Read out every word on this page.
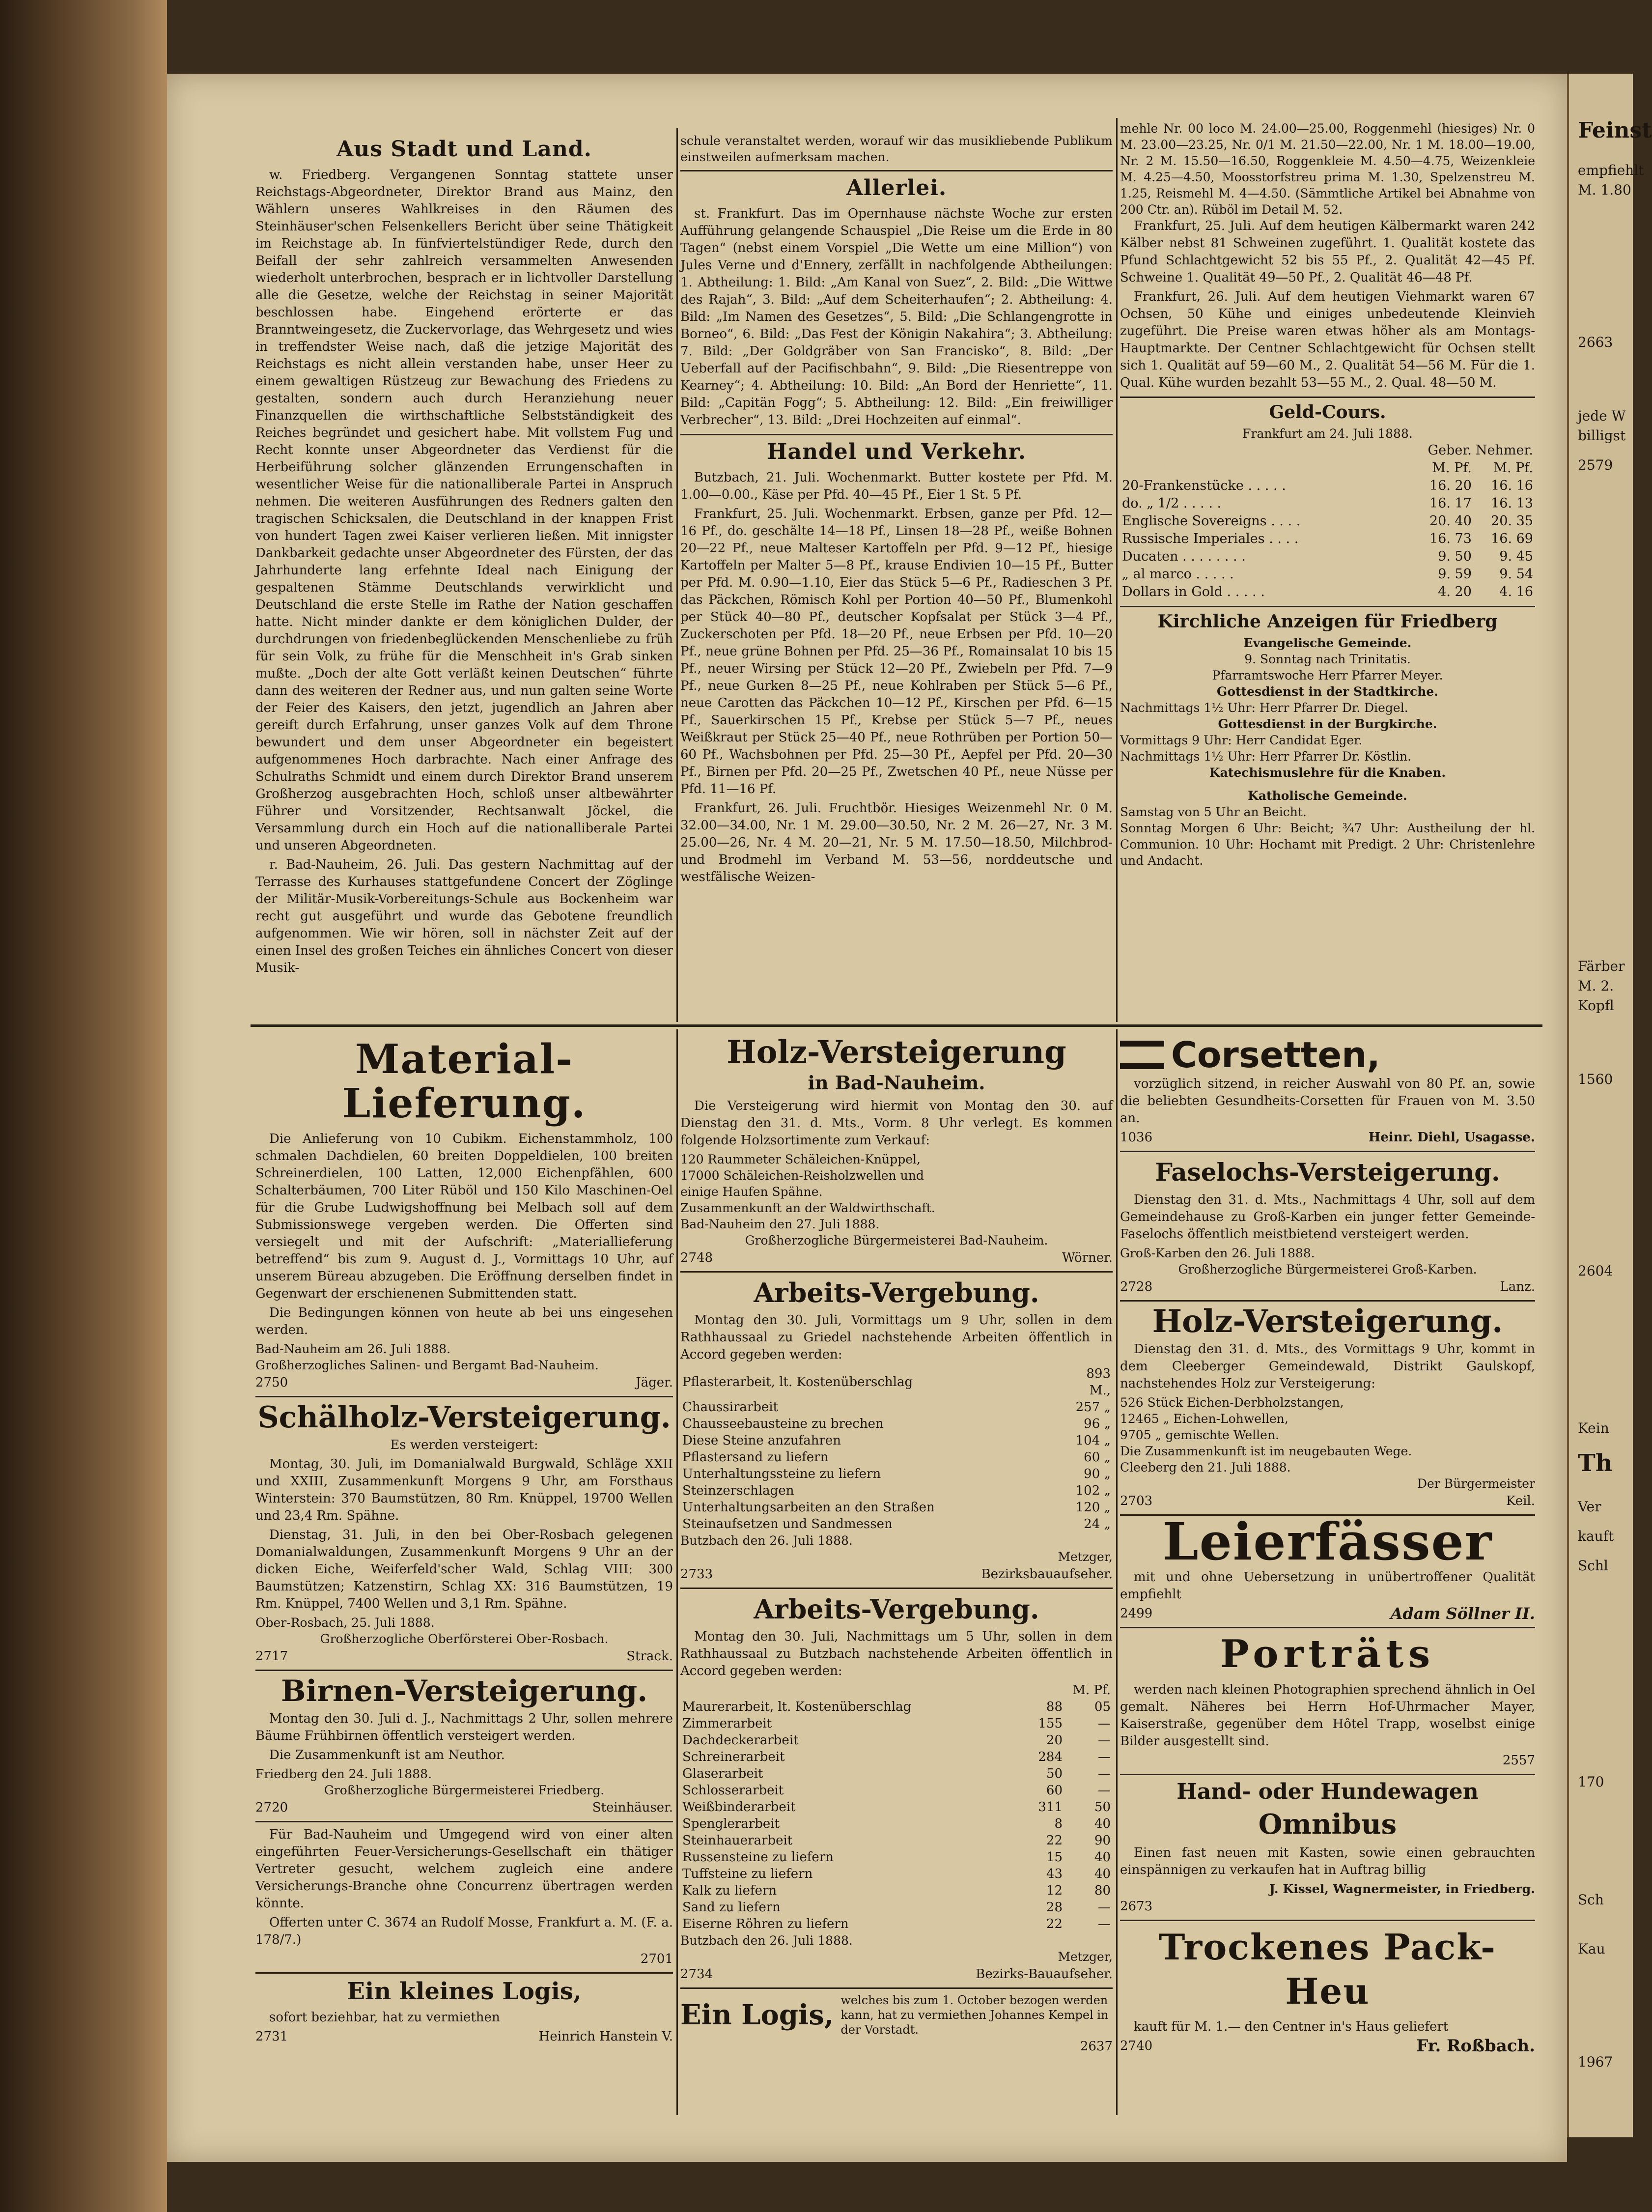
Aus Stadt und Land.

w. Friedberg. Vergangenen Sonntag stattete unser Reichstags-Abgeordneter, Direktor Brand aus Mainz, den Wählern unseres Wahlkreises in den Räumen des Steinhäuser'schen Felsenkellers Bericht über seine Thätigkeit im Reichstage ab. In fünfviertelstündiger Rede, durch den Beifall der sehr zahlreich versammelten Anwesenden wiederholt unterbrochen, besprach er in lichtvoller Darstellung alle die Gesetze, welche der Reichstag in seiner Majorität beschlossen habe. Eingehend erörterte er das Branntweingesetz, die Zuckervorlage, das Wehrgesetz und wies in treffendster Weise nach, daß die jetzige Majorität des Reichstags es nicht allein verstanden habe, unser Heer zu einem gewaltigen Rüstzeug zur Bewachung des Friedens zu gestalten, sondern auch durch Heranziehung neuer Finanzquellen die wirthschaftliche Selbstständigkeit des Reiches begründet und gesichert habe. Mit vollstem Fug und Recht konnte unser Abgeordneter das Verdienst für die Herbeiführung solcher glänzenden Errungenschaften in wesentlicher Weise für die nationalliberale Partei in Anspruch nehmen. Die weiteren Ausführungen des Redners galten den tragischen Schicksalen, die Deutschland in der knappen Frist von hundert Tagen zwei Kaiser verlieren ließen. Mit innigster Dankbarkeit gedachte unser Abgeordneter des Fürsten, der das Jahrhunderte lang erfehnte Ideal nach Einigung der gespaltenen Stämme Deutschlands verwirklicht und Deutschland die erste Stelle im Rathe der Nation geschaffen hatte. Nicht minder dankte er dem königlichen Dulder, der durchdrungen von friedenbeglückenden Menschenliebe zu früh für sein Volk, zu frühe für die Menschheit in's Grab sinken mußte. „Doch der alte Gott verläßt keinen Deutschen“ führte dann des weiteren der Redner aus, und nun galten seine Worte der Feier des Kaisers, den jetzt, jugendlich an Jahren aber gereift durch Erfahrung, unser ganzes Volk auf dem Throne bewundert und dem unser Abgeordneter ein begeistert aufgenommenes Hoch darbrachte. Nach einer Anfrage des Schulraths Schmidt und einem durch Direktor Brand unserem Großherzog ausgebrachten Hoch, schloß unser altbewährter Führer und Vorsitzender, Rechtsanwalt Jöckel, die Versammlung durch ein Hoch auf die nationalliberale Partei und unseren Abgeordneten.

r. Bad-Nauheim, 26. Juli. Das gestern Nachmittag auf der Terrasse des Kurhauses stattgefundene Concert der Zöglinge der Militär-Musik-Vorbereitungs-Schule aus Bockenheim war recht gut ausgeführt und wurde das Gebotene freundlich aufgenommen. Wie wir hören, soll in nächster Zeit auf der einen Insel des großen Teiches ein ähnliches Concert von dieser Musik-

schule veranstaltet werden, worauf wir das musikliebende Publikum einstweilen aufmerksam machen.

Allerlei.

st. Frankfurt. Das im Opernhause nächste Woche zur ersten Aufführung gelangende Schauspiel „Die Reise um die Erde in 80 Tagen“ (nebst einem Vorspiel „Die Wette um eine Million“) von Jules Verne und d'Ennery, zerfällt in nachfolgende Abtheilungen: 1. Abtheilung: 1. Bild: „Am Kanal von Suez“, 2. Bild: „Die Wittwe des Rajah“, 3. Bild: „Auf dem Scheiterhaufen“; 2. Abtheilung: 4. Bild: „Im Namen des Gesetzes“, 5. Bild: „Die Schlangengrotte in Borneo“, 6. Bild: „Das Fest der Königin Nakahira“; 3. Abtheilung: 7. Bild: „Der Goldgräber von San Francisko“, 8. Bild: „Der Ueberfall auf der Pacifischbahn“, 9. Bild: „Die Riesentreppe von Kearney“; 4. Abtheilung: 10. Bild: „An Bord der Henriette“, 11. Bild: „Capitän Fogg“; 5. Abtheilung: 12. Bild: „Ein freiwilliger Verbrecher“, 13. Bild: „Drei Hochzeiten auf einmal“.

Handel und Verkehr.

Butzbach, 21. Juli. Wochenmarkt. Butter kostete per Pfd. M. 1.00—0.00., Käse per Pfd. 40—45 Pf., Eier 1 St. 5 Pf.

Frankfurt, 25. Juli. Wochenmarkt. Erbsen, ganze per Pfd. 12—16 Pf., do. geschälte 14—18 Pf., Linsen 18—28 Pf., weiße Bohnen 20—22 Pf., neue Malteser Kartoffeln per Pfd. 9—12 Pf., hiesige Kartoffeln per Malter 5—8 Pf., krause Endivien 10—15 Pf., Butter per Pfd. M. 0.90—1.10, Eier das Stück 5—6 Pf., Radieschen 3 Pf. das Päckchen, Römisch Kohl per Portion 40—50 Pf., Blumenkohl per Stück 40—80 Pf., deutscher Kopfsalat per Stück 3—4 Pf., Zuckerschoten per Pfd. 18—20 Pf., neue Erbsen per Pfd. 10—20 Pf., neue grüne Bohnen per Pfd. 25—36 Pf., Romainsalat 10 bis 15 Pf., neuer Wirsing per Stück 12—20 Pf., Zwiebeln per Pfd. 7—9 Pf., neue Gurken 8—25 Pf., neue Kohlraben per Stück 5—6 Pf., neue Carotten das Päckchen 10—12 Pf., Kirschen per Pfd. 6—15 Pf., Sauerkirschen 15 Pf., Krebse per Stück 5—7 Pf., neues Weißkraut per Stück 25—40 Pf., neue Rothrüben per Portion 50—60 Pf., Wachsbohnen per Pfd. 25—30 Pf., Aepfel per Pfd. 20—30 Pf., Birnen per Pfd. 20—25 Pf., Zwetschen 40 Pf., neue Nüsse per Pfd. 11—16 Pf.

Frankfurt, 26. Juli. Fruchtbör. Hiesiges Weizenmehl Nr. 0 M. 32.00—34.00, Nr. 1 M. 29.00—30.50, Nr. 2 M. 26—27, Nr. 3 M. 25.00—26, Nr. 4 M. 20—21, Nr. 5 M. 17.50—18.50, Milchbrod- und Brodmehl im Verband M. 53—56, norddeutsche und westfälische Weizen-

mehle Nr. 00 loco M. 24.00—25.00, Roggenmehl (hiesiges) Nr. 0 M. 23.00—23.25, Nr. 0/1 M. 21.50—22.00, Nr. 1 M. 18.00—19.00, Nr. 2 M. 15.50—16.50, Roggenkleie M. 4.50—4.75, Weizenkleie M. 4.25—4.50, Moosstorfstreu prima M. 1.30, Spelzenstreu M. 1.25, Reismehl M. 4—4.50. (Sämmtliche Artikel bei Abnahme von 200 Ctr. an). Rüböl im Detail M. 52.

Frankfurt, 25. Juli. Auf dem heutigen Kälbermarkt waren 242 Kälber nebst 81 Schweinen zugeführt. 1. Qualität kostete das Pfund Schlachtgewicht 52 bis 55 Pf., 2. Qualität 42—45 Pf. Schweine 1. Qualität 49—50 Pf., 2. Qualität 46—48 Pf.

Frankfurt, 26. Juli. Auf dem heutigen Viehmarkt waren 67 Ochsen, 50 Kühe und einiges unbedeutende Kleinvieh zugeführt. Die Preise waren etwas höher als am Montags-Hauptmarkte. Der Centner Schlachtgewicht für Ochsen stellt sich 1. Qualität auf 59—60 M., 2. Qualität 54—56 M. Für die 1. Qual. Kühe wurden bezahlt 53—55 M., 2. Qual. 48—50 M.

Geld-Cours.

Frankfurt am 24. Juli 1888.

	Geber.	Nehmer.
	M. Pf.	M. Pf.
20-Frankenstücke . . . . .	16. 20	16. 16
do. „ 1/2 . . . . .	16. 17	16. 13
Englische Sovereigns . . . .	20. 40	20. 35
Russische Imperiales . . . .	16. 73	16. 69
Ducaten . . . . . . . .	9. 50	9. 45
„ al marco . . . . .	9. 59	9. 54
Dollars in Gold . . . . .	4. 20	4. 16
Kirchliche Anzeigen für Friedberg

Evangelische Gemeinde.

9. Sonntag nach Trinitatis.

Pfarramtswoche Herr Pfarrer Meyer.

Gottesdienst in der Stadtkirche.

Nachmittags 1½ Uhr: Herr Pfarrer Dr. Diegel.

Gottesdienst in der Burgkirche.

Vormittags 9 Uhr: Herr Candidat Eger.

Nachmittags 1½ Uhr: Herr Pfarrer Dr. Köstlin.

Katechismuslehre für die Knaben.

Katholische Gemeinde.

Samstag von 5 Uhr an Beicht.

Sonntag Morgen 6 Uhr: Beicht; ¾7 Uhr: Austheilung der hl. Communion. 10 Uhr: Hochamt mit Predigt. 2 Uhr: Christenlehre und Andacht.

Material-Lieferung.

Die Anlieferung von 10 Cubikm. Eichenstammholz, 100 schmalen Dachdielen, 60 breiten Doppeldielen, 100 breiten Schreinerdielen, 100 Latten, 12,000 Eichenpfählen, 600 Schalterbäumen, 700 Liter Rüböl und 150 Kilo Maschinen-Oel für die Grube Ludwigshoffnung bei Melbach soll auf dem Submissionswege vergeben werden. Die Offerten sind versiegelt und mit der Aufschrift: „Materiallieferung betreffend“ bis zum 9. August d. J., Vormittags 10 Uhr, auf unserem Büreau abzugeben. Die Eröffnung derselben findet in Gegenwart der erschienenen Submittenden statt.

Die Bedingungen können von heute ab bei uns eingesehen werden.

Bad-Nauheim am 26. Juli 1888.

Großherzogliches Salinen- und Bergamt Bad-Nauheim.

2750	Jäger.
Schälholz-Versteigerung.

Es werden versteigert:

Montag, 30. Juli, im Domanialwald Burgwald, Schläge XXII und XXIII, Zusammenkunft Morgens 9 Uhr, am Forsthaus Winterstein: 370 Baumstützen, 80 Rm. Knüppel, 19700 Wellen und 23,4 Rm. Spähne.

Dienstag, 31. Juli, in den bei Ober-Rosbach gelegenen Domanialwaldungen, Zusammenkunft Morgens 9 Uhr an der dicken Eiche, Weiferfeld'scher Wald, Schlag VIII: 300 Baumstützen; Katzenstirn, Schlag XX: 316 Baumstützen, 19 Rm. Knüppel, 7400 Wellen und 3,1 Rm. Spähne.

Ober-Rosbach, 25. Juli 1888.

Großherzogliche Oberförsterei Ober-Rosbach.

2717	Strack.
Birnen-Versteigerung.

Montag den 30. Juli d. J., Nachmittags 2 Uhr, sollen mehrere Bäume Frühbirnen öffentlich versteigert werden.

Die Zusammenkunft ist am Neuthor.

Friedberg den 24. Juli 1888.

Großherzogliche Bürgermeisterei Friedberg.

2720	Steinhäuser.

Für Bad-Nauheim und Umgegend wird von einer alten eingeführten Feuer-Versicherungs-Gesellschaft ein thätiger Vertreter gesucht, welchem zugleich eine andere Versicherungs-Branche ohne Concurrenz übertragen werden könnte.

Offerten unter C. 3674 an Rudolf Mosse, Frankfurt a. M. (F. a. 178/7.)

2701
Ein kleines Logis,

sofort beziehbar, hat zu vermiethen

2731	Heinrich Hanstein V.
Holz-Versteigerung
in Bad-Nauheim.

Die Versteigerung wird hiermit von Montag den 30. auf Dienstag den 31. d. Mts., Vorm. 8 Uhr verlegt. Es kommen folgende Holzsortimente zum Verkauf:

120 Raummeter Schäleichen-Knüppel,

17000 Schäleichen-Reisholzwellen und

einige Haufen Spähne.

Zusammenkunft an der Waldwirthschaft.

Bad-Nauheim den 27. Juli 1888.

Großherzogliche Bürgermeisterei Bad-Nauheim.

2748	Wörner.
Arbeits-Vergebung.

Montag den 30. Juli, Vormittags um 9 Uhr, sollen in dem Rathhaussaal zu Griedel nachstehende Arbeiten öffentlich in Accord gegeben werden:

Pflasterarbeit, lt. Kostenüberschlag	893 M.,
Chaussirarbeit	257 „
Chausseebausteine zu brechen	96 „
Diese Steine anzufahren	104 „
Pflastersand zu liefern	60 „
Unterhaltungssteine zu liefern	90 „
Steinzerschlagen	102 „
Unterhaltungsarbeiten an den Straßen	120 „
Steinaufsetzen und Sandmessen	24 „

Butzbach den 26. Juli 1888.

Metzger,

2733	Bezirksbauaufseher.
Arbeits-Vergebung.

Montag den 30. Juli, Nachmittags um 5 Uhr, sollen in dem Rathhaussaal zu Butzbach nachstehende Arbeiten öffentlich in Accord gegeben werden:

	M. Pf.	
Maurerarbeit, lt. Kostenüberschlag	88	05
Zimmerarbeit	155	—
Dachdeckerarbeit	20	—
Schreinerarbeit	284	—
Glaserarbeit	50	—
Schlosserarbeit	60	—
Weißbinderarbeit	311	50
Spenglerarbeit	8	40
Steinhauerarbeit	22	90
Russensteine zu liefern	15	40
Tuffsteine zu liefern	43	40
Kalk zu liefern	12	80
Sand zu liefern	28	—
Eiserne Röhren zu liefern	22	—

Butzbach den 26. Juli 1888.

Metzger,

2734	Bezirks-Bauaufseher.
Ein Logis, welches bis zum 1. October bezogen werden kann, hat zu vermiethen Johannes Kempel in der Vorstadt.
2637
Corsetten,

vorzüglich sitzend, in reicher Auswahl von 80 Pf. an, sowie die beliebten Gesundheits-Corsetten für Frauen von M. 3.50 an.

1036	Heinr. Diehl, Usagasse.
Faselochs-Versteigerung.

Dienstag den 31. d. Mts., Nachmittags 4 Uhr, soll auf dem Gemeindehause zu Groß-Karben ein junger fetter Gemeinde-Faselochs öffentlich meistbietend versteigert werden.

Groß-Karben den 26. Juli 1888.

Großherzogliche Bürgermeisterei Groß-Karben.

2728	Lanz.
Holz-Versteigerung.

Dienstag den 31. d. Mts., des Vormittags 9 Uhr, kommt in dem Cleeberger Gemeindewald, Distrikt Gaulskopf, nachstehendes Holz zur Versteigerung:

526 Stück Eichen-Derbholzstangen,

12465 „ Eichen-Lohwellen,

9705 „ gemischte Wellen.

Die Zusammenkunft ist im neugebauten Wege.

Cleeberg den 21. Juli 1888.

Der Bürgermeister

2703	Keil.
Leierfässer

mit und ohne Uebersetzung in unübertroffener Qualität empfiehlt

2499	Adam Söllner II.
Porträts

werden nach kleinen Photographien sprechend ähnlich in Oel gemalt. Näheres bei Herrn Hof-Uhrmacher Mayer, Kaiserstraße, gegenüber dem Hôtel Trapp, woselbst einige Bilder ausgestellt sind.

2557
Hand- oder Hundewagen
Omnibus

Einen fast neuen mit Kasten, sowie einen gebrauchten einspännigen zu verkaufen hat in Auftrag billig

J. Kissel, Wagnermeister, in Friedberg.

2673
Trockenes Pack-Heu

kauft für M. 1.— den Centner in's Haus geliefert

2740	Fr. Roßbach.
Feinst
empfiehlt
M. 1.80
2663
jede W
billigst
2579
Färber
M. 2.
Kopfl
1560
2604
Kein
Th
Ver
kauft
Schl
170
Sch
Kau
1967
